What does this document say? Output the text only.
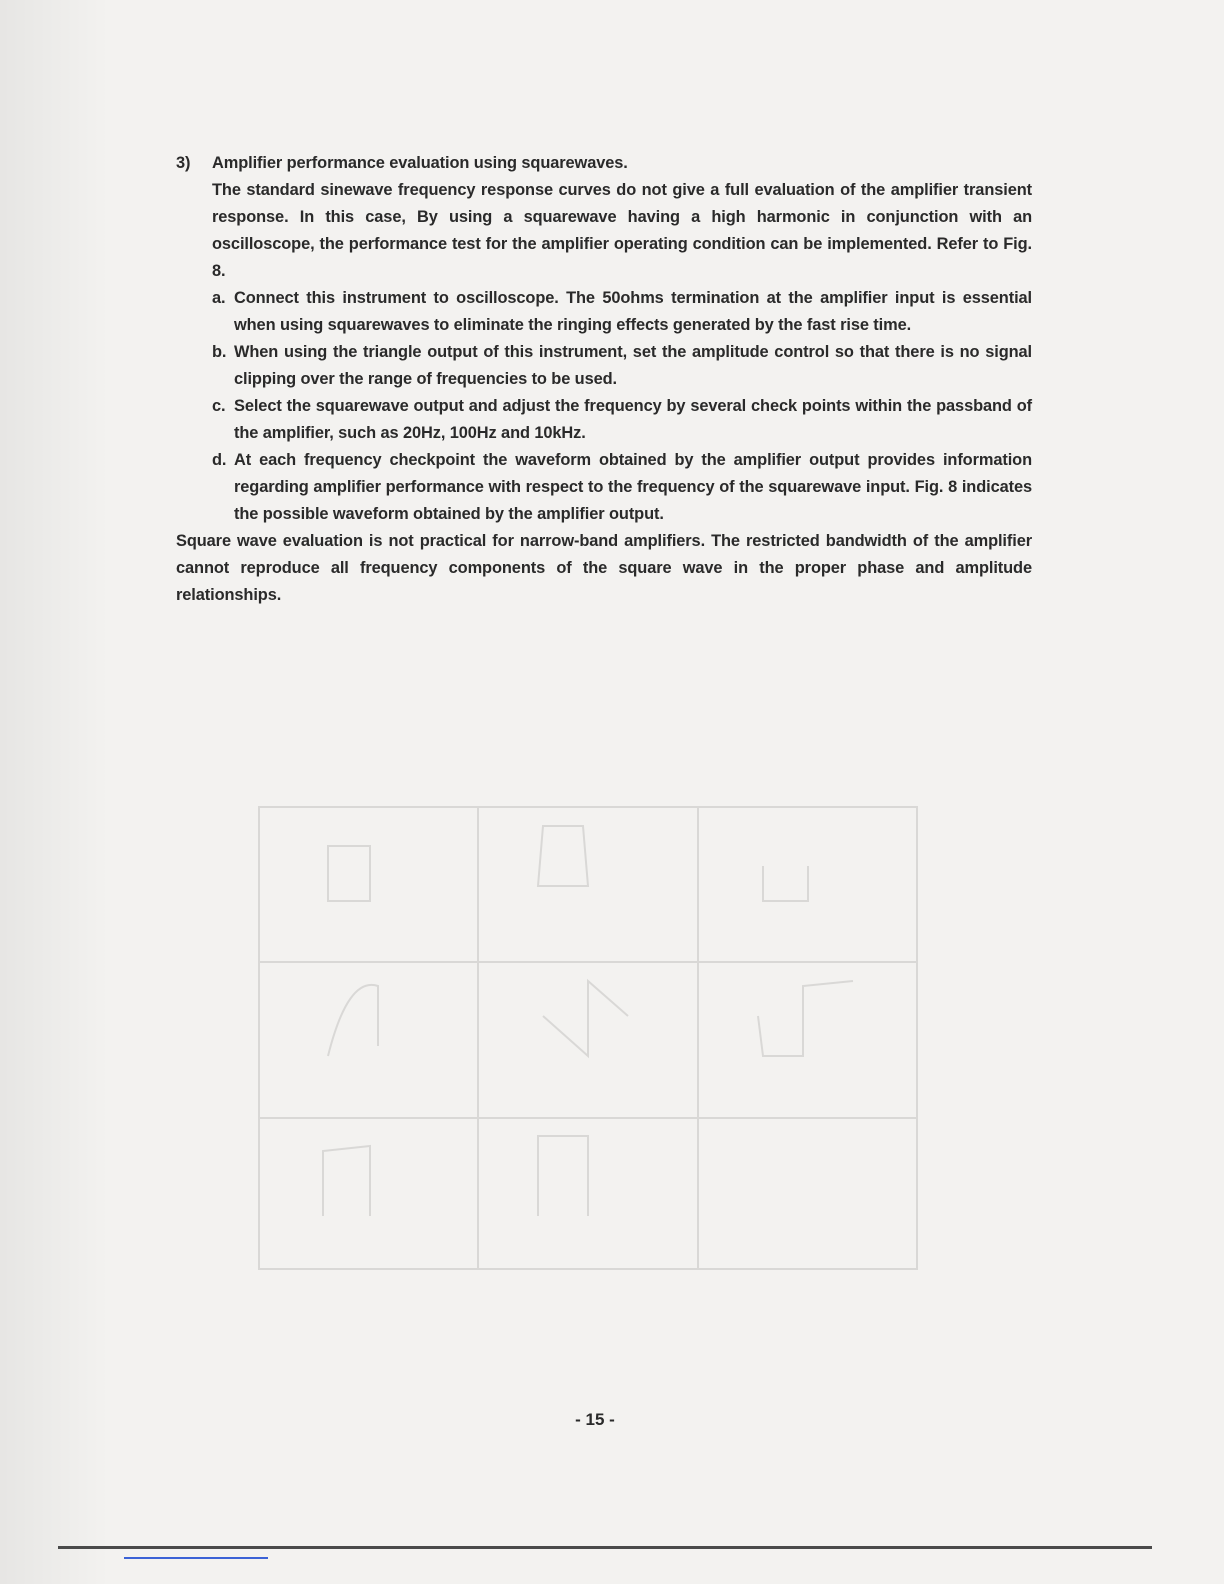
3)	Amplifier performance evaluation using squarewaves.
The standard sinewave frequency response curves do not give a full evaluation of the amplifier transient response. In this case, By using a squarewave having a high harmonic in conjunction with an oscilloscope, the performance test for the amplifier operating condition can be implemented. Refer to Fig. 8.
a. Connect this instrument to oscilloscope. The 50ohms termination at the amplifier input is essential when using squarewaves to eliminate the ringing effects generated by the fast rise time.
b. When using the triangle output of this instrument, set the amplitude control so that there is no signal clipping over the range of frequencies to be used.
c. Select the squarewave output and adjust the frequency by several check points within the passband of the amplifier, such as 20Hz, 100Hz and 10kHz.
d. At each frequency checkpoint the waveform obtained by the amplifier output provides information regarding amplifier performance with respect to the frequency of the squarewave input. Fig. 8 indicates the possible waveform obtained by the amplifier output.
Square wave evaluation is not practical for narrow-band amplifiers. The restricted bandwidth of the amplifier cannot reproduce all frequency components of the square wave in the proper phase and amplitude relationships.
- 15 -
